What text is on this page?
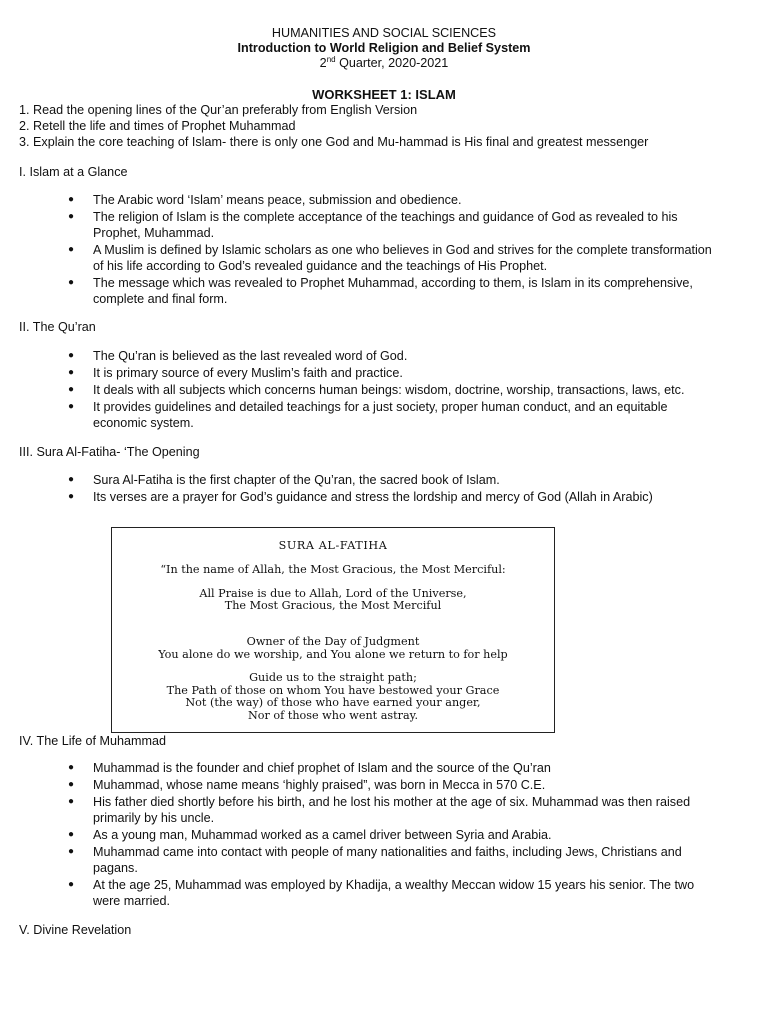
HUMANITIES AND SOCIAL SCIENCES
Introduction to World Religion and Belief System
2nd Quarter, 2020-2021
WORKSHEET 1: ISLAM
1. Read the opening lines of the Qur’an preferably from English Version
2. Retell the life and times of Prophet Muhammad
3. Explain the core teaching of Islam- there is only one God and Mu-hammad is His final and greatest messenger
I. Islam at a Glance
● The Arabic word ‘Islam’ means peace, submission and obedience.
● The religion of Islam is the complete acceptance of the teachings and guidance of God as revealed to his Prophet, Muhammad.
● A Muslim is defined by Islamic scholars as one who believes in God and strives for the complete transformation of his life according to God’s revealed guidance and the teachings of His Prophet.
● The message which was revealed to Prophet Muhammad, according to them, is Islam in its comprehensive, complete and final form.
II. The Qu’ran
● The Qu’ran is believed as the last revealed word of God.
● It is primary source of every Muslim’s faith and practice.
● It deals with all subjects which concerns human beings: wisdom, doctrine, worship, transactions, laws, etc.
● It provides guidelines and detailed teachings for a just society, proper human conduct, and an equitable economic system.
III. Sura Al-Fatiha- ‘The Opening
● Sura Al-Fatiha is the first chapter of the Qu’ran, the sacred book of Islam.
● Its verses are a prayer for God’s guidance and stress the lordship and mercy of God (Allah in Arabic)
SURA AL-FATIHA
“In the name of Allah, the Most Gracious, the Most Merciful:
All Praise is due to Allah, Lord of the Universe,
The Most Gracious, the Most Merciful
Owner of the Day of Judgment
You alone do we worship, and You alone we return to for help
Guide us to the straight path;
The Path of those on whom You have bestowed your Grace
Not (the way) of those who have earned your anger,
Nor of those who went astray.
IV. The Life of Muhammad
● Muhammad is the founder and chief prophet of Islam and the source of the Qu’ran
● Muhammad, whose name means ‘highly praised”, was born in Mecca in 570 C.E.
● His father died shortly before his birth, and he lost his mother at the age of six. Muhammad was then raised primarily by his uncle.
● As a young man, Muhammad worked as a camel driver between Syria and Arabia.
● Muhammad came into contact with people of many nationalities and faiths, including Jews, Christians and pagans.
● At the age 25, Muhammad was employed by Khadija, a wealthy Meccan widow 15 years his senior. The two were married.
V. Divine Revelation
